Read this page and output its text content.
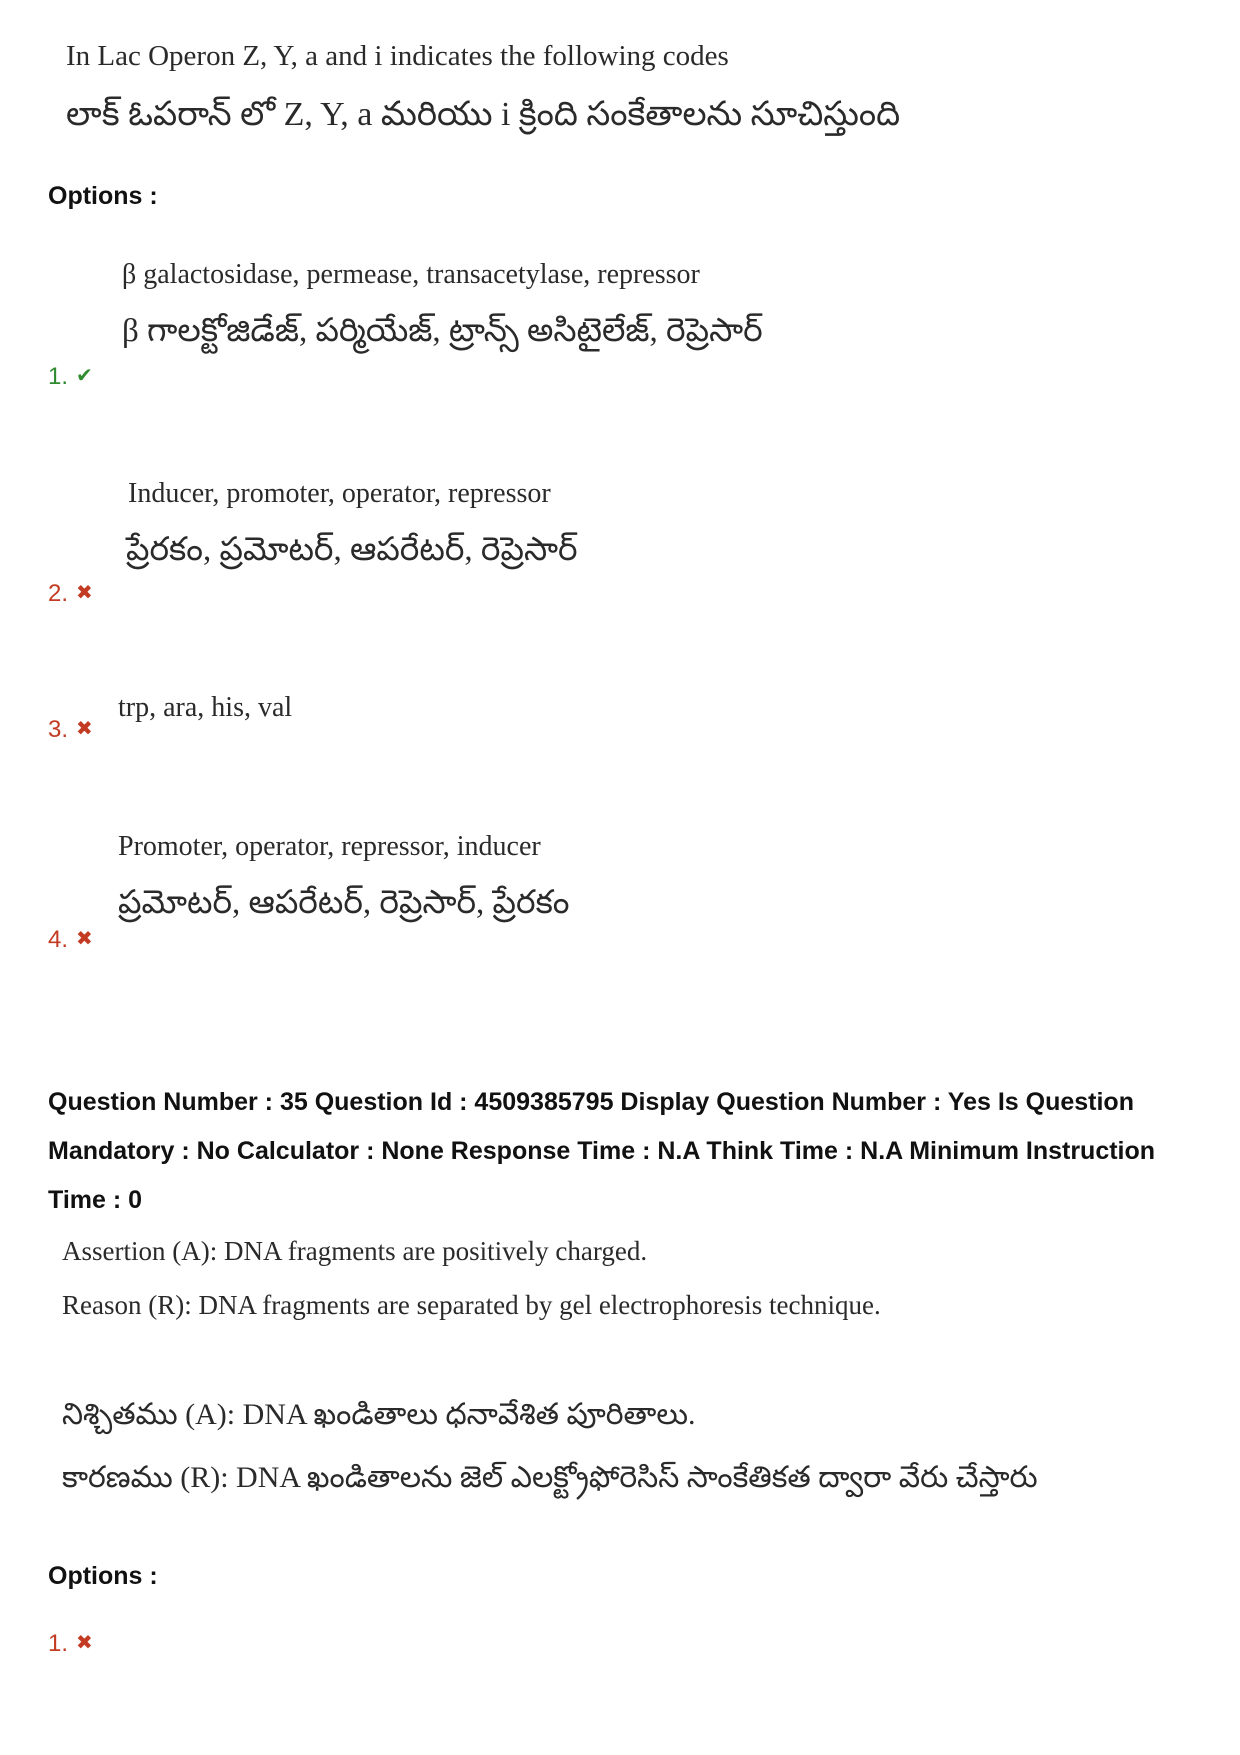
In Lac Operon Z, Y, a and i indicates the following codes
లాక్ ఓపరాన్ లో Z, Y, a మరియు i క్రింది సంకేతాలను సూచిస్తుంది
Options :
β galactosidase, permease, transacetylase, repressor
β గాలక్టోజిడేజ్, పర్మియేజ్, ట్రాన్స్ అసిటైలేజ్, రెప్రెసార్
1. ✔
Inducer, promoter, operator, repressor
ప్రేరకం, ప్రమోటర్, ఆపరేటర్, రెప్రెసార్
2. ✖
trp, ara, his, val
3. ✖
Promoter, operator, repressor, inducer
ప్రమోటర్, ఆపరేటర్, రెప్రెసార్, ప్రేరకం
4. ✖
Question Number : 35 Question Id : 4509385795 Display Question Number : Yes Is Question Mandatory : No Calculator : None Response Time : N.A Think Time : N.A Minimum Instruction Time : 0
Assertion (A): DNA fragments are positively charged.
Reason (R): DNA fragments are separated by gel electrophoresis technique.
నిశ్చితము (A): DNA ఖండితాలు ధనావేశిత పూరితాలు.
కారణము (R): DNA ఖండితాలను జెల్ ఎలక్ట్రోఫోరెసిస్ సాంకేతికత ద్వారా వేరు చేస్తారు
Options :
1. ✖
